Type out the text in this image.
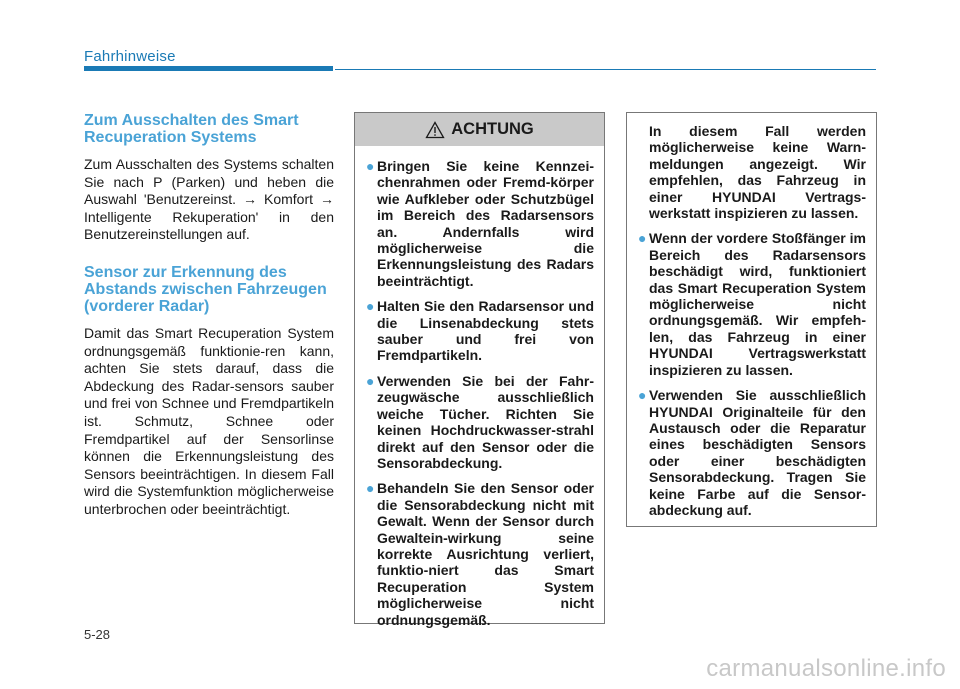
Fahrhinweise
Zum Ausschalten des Smart Recuperation Systems

Zum Ausschalten des Systems schalten Sie nach P (Parken) und heben die Auswahl 'Benutzereinst. → Komfort → Intelligente Rekuperation' in den Benutzereinstellungen auf.

Sensor zur Erkennung des Abstands zwischen Fahrzeugen (vorderer Radar)

Damit das Smart Recuperation System ordnungsgemäß funktionie-ren kann, achten Sie stets darauf, dass die Abdeckung des Radar-sensors sauber und frei von Schnee und Fremdpartikeln ist. Schmutz, Schnee oder Fremdpartikel auf der Sensorlinse können die Erkennungsleistung des Sensors beeinträchtigen. In diesem Fall wird die Systemfunktion möglicherweise unterbrochen oder beeinträchtigt.

ACHTUNG
● Bringen Sie keine Kennzei-chenrahmen oder Fremd-körper wie Aufkleber oder Schutzbügel im Bereich des Radarsensors an. Andernfalls wird möglicherweise die Erkennungsleistung des Radars beeinträchtigt.
● Halten Sie den Radarsensor und die Linsenabdeckung stets sauber und frei von Fremdpartikeln.
● Verwenden Sie bei der Fahr-zeugwäsche ausschließlich weiche Tücher. Richten Sie keinen Hochdruckwasser-strahl direkt auf den Sensor oder die Sensorabdeckung.
● Behandeln Sie den Sensor oder die Sensorabdeckung nicht mit Gewalt. Wenn der Sensor durch Gewaltein-wirkung seine korrekte Ausrichtung verliert, funktio-niert das Smart Recuperation System möglicherweise nicht ordnungsgemäß.
In diesem Fall werden möglicherweise keine Warn-meldungen angezeigt. Wir empfehlen, das Fahrzeug in einer HYUNDAI Vertrags-werkstatt inspizieren zu lassen.
● Wenn der vordere Stoßfänger im Bereich des Radarsensors beschädigt wird, funktioniert das Smart Recuperation System möglicherweise nicht ordnungsgemäß. Wir empfeh-len, das Fahrzeug in einer HYUNDAI Vertragswerkstatt inspizieren zu lassen.
● Verwenden Sie ausschließlich HYUNDAI Originalteile für den Austausch oder die Reparatur eines beschädigten Sensors oder einer beschädigten Sensorabdeckung. Tragen Sie keine Farbe auf die Sensor-abdeckung auf.
5-28
carmanualsonline.info
